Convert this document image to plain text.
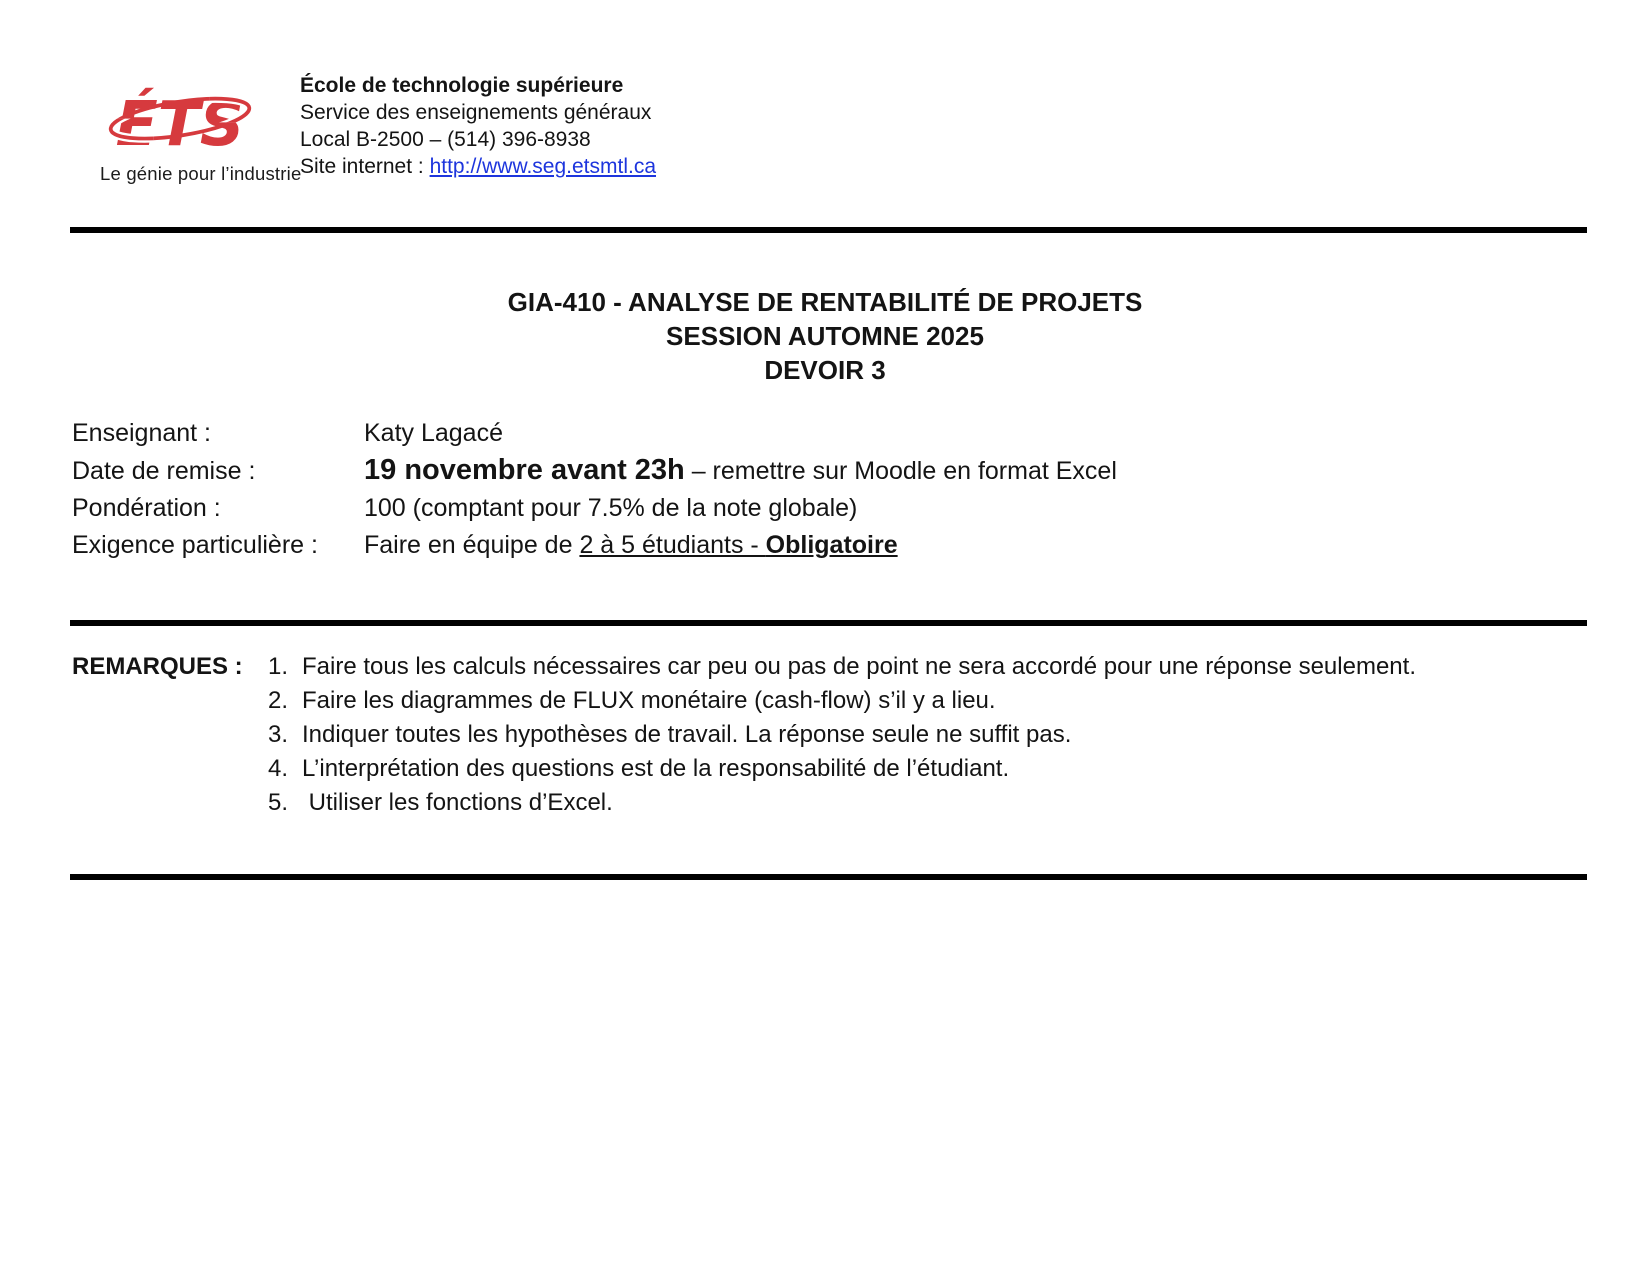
ÉTS
Le génie pour l’industrie
École de technologie supérieure
Service des enseignements généraux
Local B-2500 – (514) 396-8938
Site internet : http://www.seg.etsmtl.ca
GIA-410 - ANALYSE DE RENTABILITÉ DE PROJETS
SESSION AUTOMNE 2025
DEVOIR 3
Enseignant :	Katy Lagacé
Date de remise :	19 novembre avant 23h – remettre sur Moodle en format Excel
Pondération :	100 (comptant pour 7.5% de la note globale)
Exigence particulière :	Faire en équipe de 2 à 5 étudiants - Obligatoire
REMARQUES :	1. Faire tous les calculs nécessaires car peu ou pas de point ne sera accordé pour une réponse seulement.
2. Faire les diagrammes de FLUX monétaire (cash-flow) s’il y a lieu.
3. Indiquer toutes les hypothèses de travail. La réponse seule ne suffit pas.
4. L’interprétation des questions est de la responsabilité de l’étudiant.
5. Utiliser les fonctions d’Excel.
